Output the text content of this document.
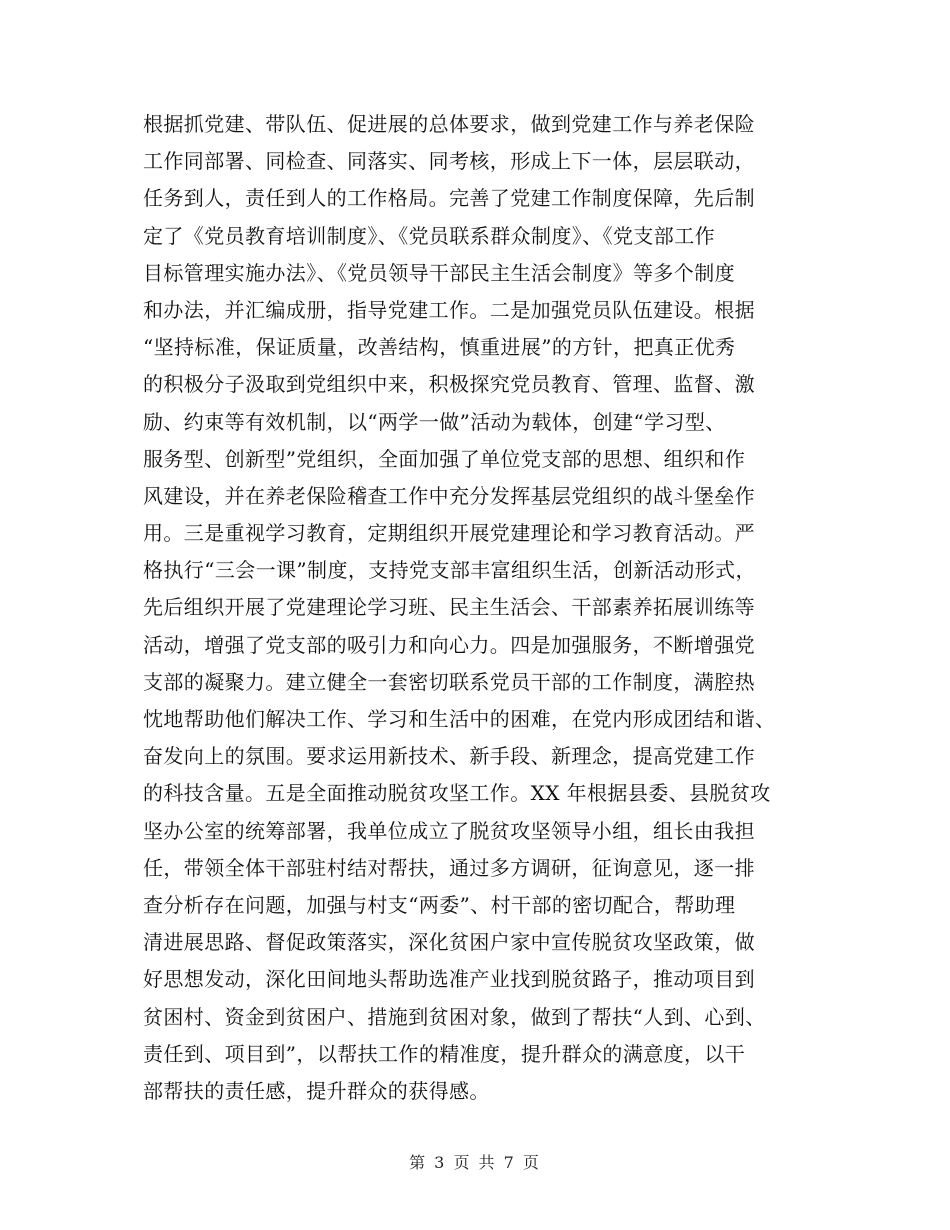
根据抓党建、带队伍、促进展的总体要求，做到党建工作与养老保险
工作同部署、同检查、同落实、同考核，形成上下一体，层层联动，
任务到人，责任到人的工作格局。完善了党建工作制度保障，先后制
定了《党员教育培训制度》、《党员联系群众制度》、《党支部工作
目标管理实施办法》、《党员领导干部民主生活会制度》等多个制度
和办法，并汇编成册，指导党建工作。二是加强党员队伍建设。根据
“坚持标准，保证质量，改善结构，慎重进展”的方针，把真正优秀
的积极分子汲取到党组织中来，积极探究党员教育、管理、监督、激
励、约束等有效机制，以“两学一做”活动为载体，创建“学习型、
服务型、创新型”党组织，全面加强了单位党支部的思想、组织和作
风建设，并在养老保险稽查工作中充分发挥基层党组织的战斗堡垒作
用。三是重视学习教育，定期组织开展党建理论和学习教育活动。严
格执行“三会一课”制度，支持党支部丰富组织生活，创新活动形式，
先后组织开展了党建理论学习班、民主生活会、干部素养拓展训练等
活动，增强了党支部的吸引力和向心力。四是加强服务，不断增强党
支部的凝聚力。建立健全一套密切联系党员干部的工作制度，满腔热
忱地帮助他们解决工作、学习和生活中的困难，在党内形成团结和谐、
奋发向上的氛围。要求运用新技术、新手段、新理念，提高党建工作
的科技含量。五是全面推动脱贫攻坚工作。XX 年根据县委、县脱贫攻
坚办公室的统筹部署，我单位成立了脱贫攻坚领导小组，组长由我担
任，带领全体干部驻村结对帮扶，通过多方调研，征询意见，逐一排
查分析存在问题，加强与村支“两委”、村干部的密切配合，帮助理
清进展思路、督促政策落实，深化贫困户家中宣传脱贫攻坚政策，做
好思想发动，深化田间地头帮助选准产业找到脱贫路子，推动项目到
贫困村、资金到贫困户、措施到贫困对象，做到了帮扶“人到、心到、
责任到、项目到”，以帮扶工作的精准度，提升群众的满意度，以干
部帮扶的责任感，提升群众的获得感。
第 3 页 共 7 页
